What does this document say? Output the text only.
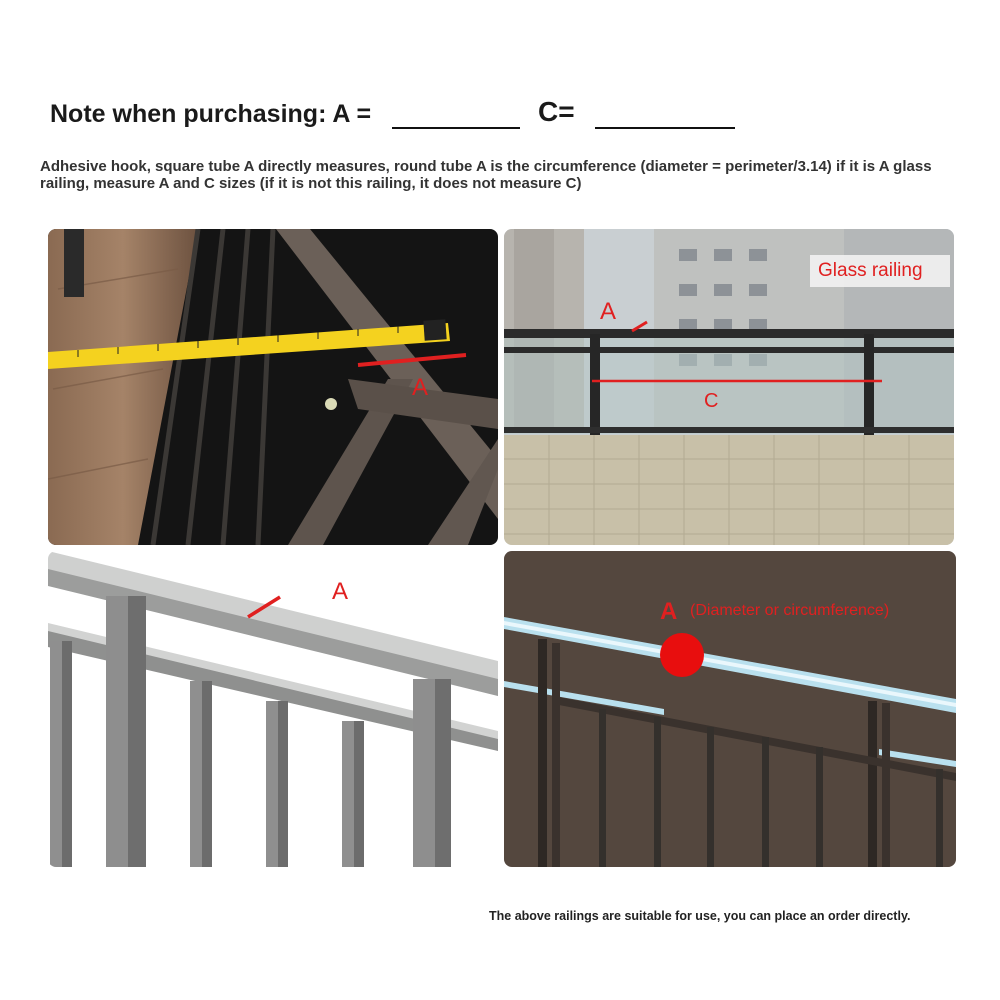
Note when purchasing: A =	C=
Adhesive hook, square tube A directly measures, round tube A is the circumference (diameter = perimeter/3.14) if it is A glass railing, measure A and C sizes (if it is not this railing, it does not measure C)
A
Glass railing
A
C
A
A (Diameter or circumference)
The above railings are suitable for use, you can place an order directly.
